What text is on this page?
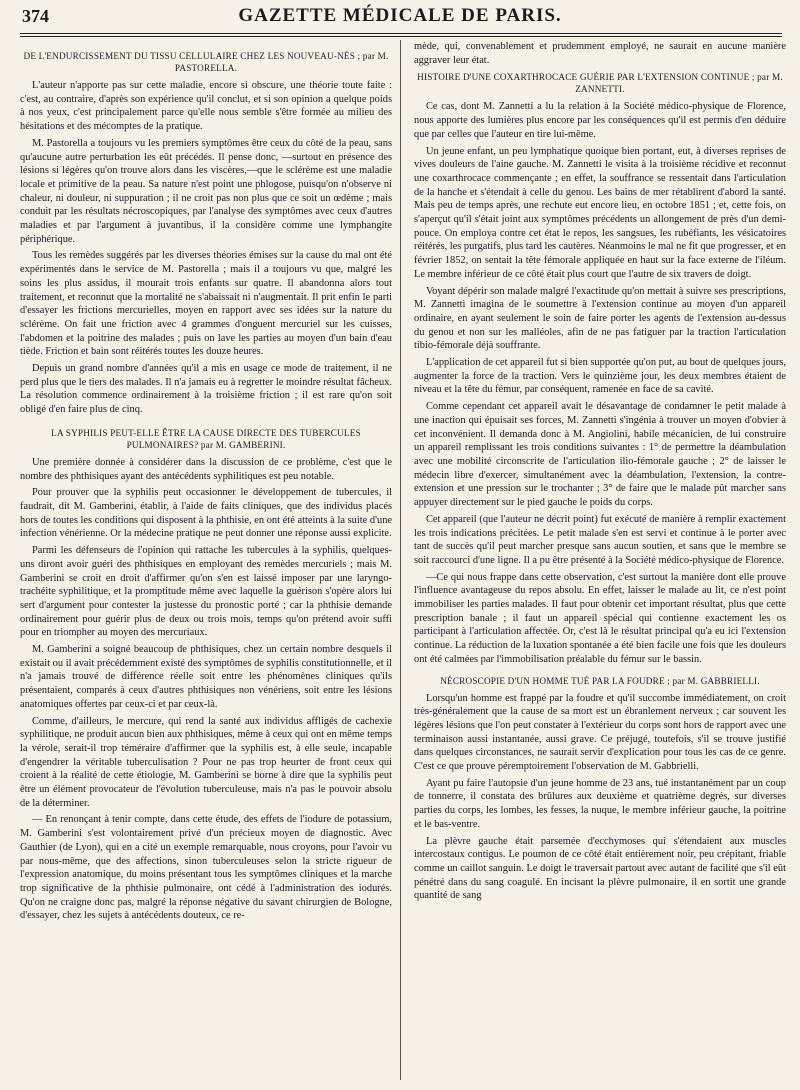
374	GAZETTE MÉDICALE DE PARIS.
DE L'ENDURCISSEMENT DU TISSU CELLULAIRE CHEZ LES NOUVEAU-NÉS ; par M. PASTORELLA.

L'auteur n'apporte pas sur cette maladie, encore si obscure, une théorie toute faite : c'est, au contraire, d'après son expérience qu'il conclut, et si son opinion a quelque poids à nos yeux, c'est principalement parce qu'elle nous semble s'être formée au milieu des hésitations et des mécomptes de la pratique.

M. Pastorella a toujours vu les premiers symptômes être ceux du côté de la peau, sans qu'aucune autre perturbation les eût précédés. Il pense donc, —surtout en présence des lésions si légères qu'on trouve alors dans les viscères,—que le sclérème est une maladie locale et primitive de la peau. Sa nature n'est point une phlogose, puisqu'on n'observe ni chaleur, ni douleur, ni suppuration ; il ne croit pas non plus que ce soit un œdème ; mais conduit par les résultats nécroscopiques, par l'analyse des symptômes avec ceux d'autres maladies et par l'argument à juvantibus, il la considère comme une lymphangite périphérique.

Tous les remèdes suggérés par les diverses théories émises sur la cause du mal ont été expérimentés dans le service de M. Pastorella ; mais il a toujours vu que, malgré les soins les plus assidus, il mourait trois enfants sur quatre. Il abandonna alors tout traitement, et reconnut que la mortalité ne s'abaissait ni n'augmentait. Il prit enfin le parti d'essayer les frictions mercurielles, moyen en rapport avec ses idées sur la nature du sclérème. On fait une friction avec 4 grammes d'onguent mercuriel sur les cuisses, l'abdomen et la poitrine des malades ; puis on lave les parties au moyen d'un bain d'eau tiède. Friction et bain sont réitérés toutes les douze heures.

Depuis un grand nombre d'années qu'il a mis en usage ce mode de traitement, il ne perd plus que le tiers des malades. Il n'a jamais eu à regretter le moindre résultat fâcheux. La résolution commence ordinairement à la troisième friction ; il est rare qu'on soit obligé d'en faire plus de cinq.

LA SYPHILIS PEUT-ELLE ÊTRE LA CAUSE DIRECTE DES TUBERCULES PULMONAIRES? par M. GAMBERINI.

Une première donnée à considérer dans la discussion de ce problème, c'est que le nombre des phthisiques ayant des antécédents syphilitiques est peu notable.

Pour prouver que la syphilis peut occasionner le développement de tubercules, il faudrait, dit M. Gamberini, établir, à l'aide de faits cliniques, que des individus placés hors de toutes les conditions qui disposent à la phthisie, en ont été atteints à la suite d'une infection vénérienne. Or la médecine pratique ne peut donner une réponse aussi explicite.

Parmi les défenseurs de l'opinion qui rattache les tubercules à la syphilis, quelques-uns diront avoir guéri des phthisiques en employant des remèdes mercuriels ; mais M. Gamberini se croit en droit d'affirmer qu'on s'en est laissé imposer par une laryngo-trachéite syphilitique, et la promptitude même avec laquelle la guérison s'opère alors lui sert d'argument pour contester la justesse du pronostic porté ; car la phthisie demande ordinairement pour guérir plus de deux ou trois mois, temps qu'on prétend avoir suffi pour en triompher au moyen des mercuriaux.

M. Gamberini a soigné beaucoup de phthisiques, chez un certain nombre desquels il existait ou il avait précédemment existé des symptômes de syphilis constitutionnelle, et il n'a jamais trouvé de différence réelle soit entre les phénomènes cliniques qu'ils présentaient, comparés à ceux d'autres phthisiques non vénériens, soit entre les lésions anatomiques offertes par ceux-ci et par ceux-là.

Comme, d'ailleurs, le mercure, qui rend la santé aux individus affligés de cachexie syphilitique, ne produit aucun bien aux phthisiques, même à ceux qui ont en même temps la vérole, serait-il trop téméraire d'affirmer que la syphilis est, à elle seule, incapable d'engendrer la véritable tuberculisation ? Pour ne pas trop heurter de front ceux qui croient à la réalité de cette étiologie, M. Gamberini se borne à dire que la syphilis peut être un élément provocateur de l'évolution tuberculeuse, mais n'a pas le pouvoir absolu de la déterminer.

— En renonçant à tenir compte, dans cette étude, des effets de l'iodure de potassium, M. Gamberini s'est volontairement privé d'un précieux moyen de diagnostic. Avec Gauthier (de Lyon), qui en a cité un exemple remarquable, nous croyons, pour l'avoir vu par nous-même, que des affections, sinon tuberculeuses selon la stricte rigueur de l'expression anatomique, du moins présentant tous les symptômes cliniques et la marche trop significative de la phthisie pulmonaire, ont cédé à l'administration des iodurés. Qu'on ne craigne donc pas, malgré la réponse négative du savant chirurgien de Bologne, d'essayer, chez les sujets à antécédents douteux, ce re-

mède, qui, convenablement et prudemment employé, ne saurait en aucune manière aggraver leur état.

HISTOIRE D'UNE COXARTHROCACE GUÉRIE PAR L'EXTENSION CONTINUE ; par M. ZANNETTI.

Ce cas, dont M. Zannetti a lu la relation à la Société médico-physique de Florence, nous apporte des lumières plus encore par les conséquences qu'il est permis d'en déduire que par celles que l'auteur en tire lui-même.

Un jeune enfant, un peu lymphatique quoique bien portant, eut, à diverses reprises de vives douleurs de l'aine gauche. M. Zannetti le visita à la troisième récidive et reconnut une coxarthrocace commençante ; en effet, la souffrance se ressentait dans l'articulation de la hanche et s'étendait à celle du genou. Les bains de mer rétablirent d'abord la santé. Mais peu de temps après, une rechute eut encore lieu, en octobre 1851 ; et, cette fois, on s'aperçut qu'il s'était joint aux symptômes précédents un allongement de près d'un demi-pouce. On employa contre cet état le repos, les sangsues, les rubéfiants, les vésicatoires réitérés, les purgatifs, plus tard les cautères. Néanmoins le mal ne fit que progresser, et en février 1852, on sentait la tête fémorale appliquée en haut sur la face externe de l'iléum. Le membre inférieur de ce côté était plus court que l'autre de six travers de doigt.

Voyant dépérir son malade malgré l'exactitude qu'on mettait à suivre ses prescriptions, M. Zannetti imagina de le soumettre à l'extension continue au moyen d'un appareil ordinaire, en ayant seulement le soin de faire porter les agents de l'extension au-dessus du genou et non sur les malléoles, afin de ne pas fatiguer par la traction l'articulation tibio-fémorale déjà souffrante.

L'application de cet appareil fut si bien supportée qu'on put, au bout de quelques jours, augmenter la force de la traction. Vers le quinzième jour, les deux membres étaient de niveau et la tête du fémur, par conséquent, ramenée en face de sa cavité.

Comme cependant cet appareil avait le désavantage de condamner le petit malade à une inaction qui épuisait ses forces, M. Zannetti s'ingénia à trouver un moyen d'obvier à cet inconvénient. Il demanda donc à M. Angiolini, habile mécanicien, de lui construire un appareil remplissant les trois conditions suivantes : 1° de permettre la déambulation avec une mobilité circonscrite de l'articulation ilio-fémorale gauche ; 2° de laisser le médecin libre d'exercer, simultanément avec la déambulation, l'extension, la contre-extension et une pression sur le trochanter ; 3° de faire que le malade pût marcher sans appuyer directement sur le pied gauche le poids du corps.

Cet appareil (que l'auteur ne décrit point) fut exécuté de manière à remplir exactement les trois indications précitées. Le petit malade s'en est servi et continue à le porter avec tant de succès qu'il peut marcher presque sans aucun soutien, et sans que le membre se soit raccourci d'une ligne. Il a pu être présenté à la Société médico-physique de Florence.

—Ce qui nous frappe dans cette observation, c'est surtout la manière dont elle prouve l'influence avantageuse du repos absolu. En effet, laisser le malade au lit, ce n'est point immobiliser les parties malades. Il faut pour obtenir cet important résultat, plus que cette prescription banale ; il faut un appareil spécial qui contienne exactement les os participant à l'articulation affectée. Or, c'est là le résultat principal qu'a eu ici l'extension continue. La réduction de la luxation spontanée a été bien facile une fois que les douleurs ont été calmées par l'immobilisation préalable du fémur sur le bassin.

NÉCROSCOPIE D'UN HOMME TUÉ PAR LA FOUDRE ; par M. GABBRIELLI.

Lorsqu'un homme est frappé par la foudre et qu'il succombe immédiatement, on croit très-généralement que la cause de sa mort est un ébranlement nerveux ; car souvent les légères lésions que l'on peut constater à l'extérieur du corps sont hors de rapport avec une terminaison aussi instantanée, aussi grave. Ce préjugé, toutefois, s'il se trouve justifié dans quelques circonstances, ne saurait servir d'explication pour tous les cas de ce genre. C'est ce que prouve péremptoirement l'observation de M. Gabbrielli.

Ayant pu faire l'autopsie d'un jeune homme de 23 ans, tué instantanément par un coup de tonnerre, il constata des brûlures aux deuxième et quatrième degrés, sur diverses parties du corps, les lombes, les fesses, la nuque, le membre inférieur gauche, la poitrine et le bas-ventre.

La plèvre gauche était parsemée d'ecchymoses qui s'étendaient aux muscles intercostaux contigus. Le poumon de ce côté était entièrement noir, peu crépitant, friable comme un caillot sanguin. Le doigt le traversait partout avec autant de facilité que s'il eût pénétré dans du sang coagulé. En incisant la plèvre pulmonaire, il en sortit une grande quantité de sang
